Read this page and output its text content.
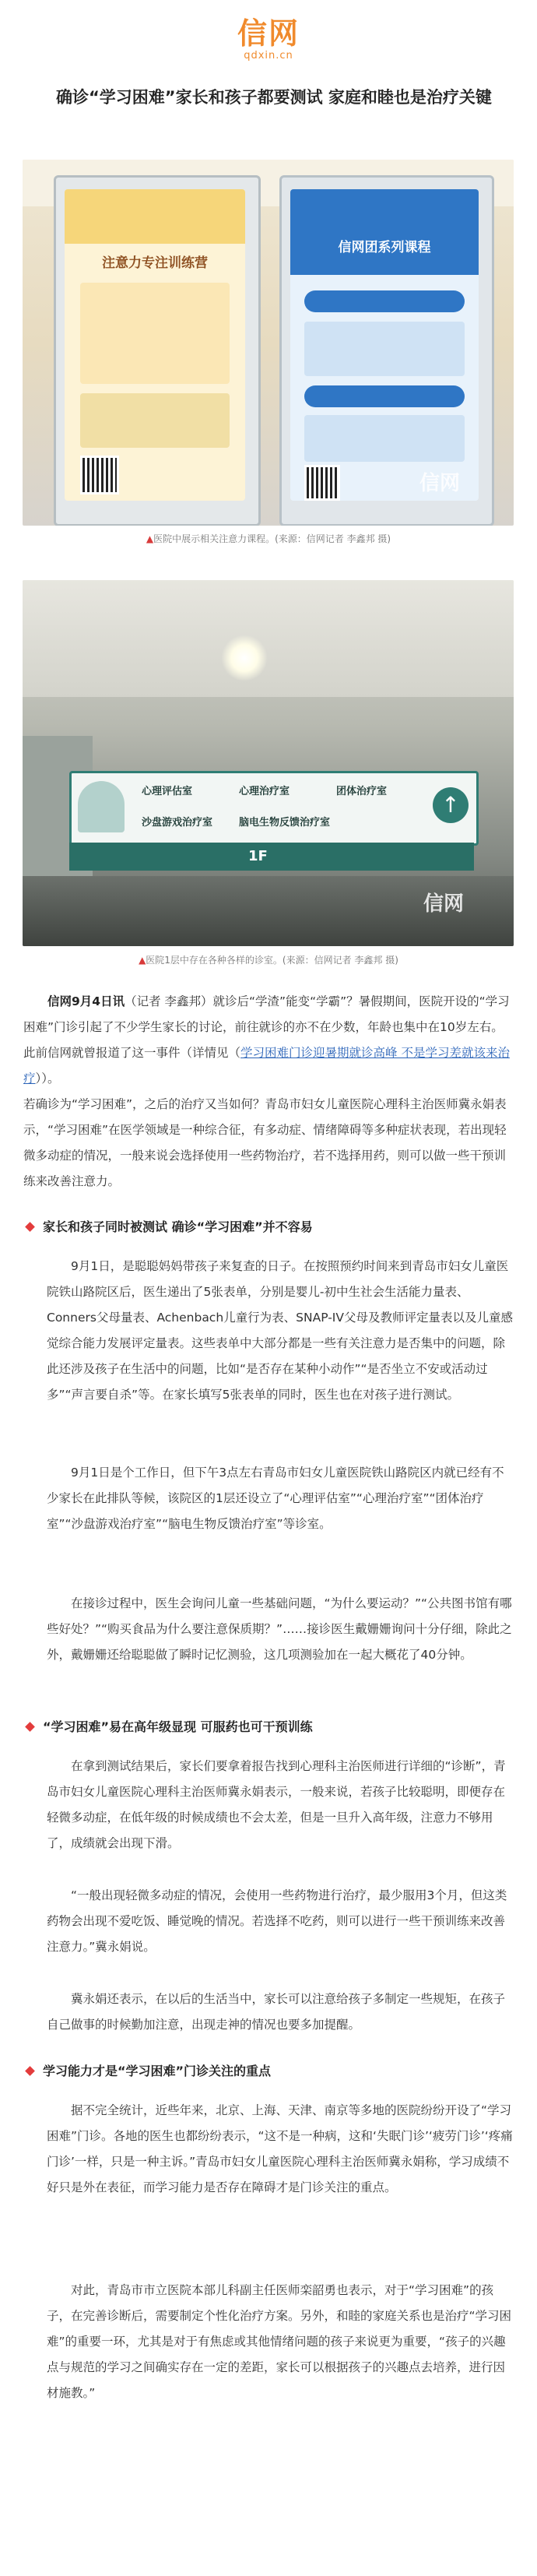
信网
qdxin.cn
确诊“学习困难”家长和孩子都要测试 家庭和睦也是治疗关键
注意力专注训练营
信网团系列课程
信网
▲医院中展示相关注意力课程。(来源：信网记者 李鑫邦 摄)
心理评估室	心理治疗室	团体治疗室
沙盘游戏治疗室	脑电生物反馈治疗室
↑
1F
信网
▲医院1层中存在各种各样的诊室。(来源：信网记者 李鑫邦 摄)

信网9月4日讯（记者 李鑫邦）就诊后“学渣”能变“学霸”？暑假期间，医院开设的“学习困难”门诊引起了不少学生家长的讨论，前往就诊的亦不在少数，年龄也集中在10岁左右。此前信网就曾报道了这一事件（详情见（学习困难门诊迎暑期就诊高峰 不是学习差就该来治疗））。

若确诊为“学习困难”，之后的治疗又当如何？青岛市妇女儿童医院心理科主治医师冀永娟表示，“学习困难”在医学领域是一种综合征，有多动症、情绪障碍等多种症状表现，若出现轻微多动症的情况，一般来说会选择使用一些药物治疗，若不选择用药，则可以做一些干预训练来改善注意力。

家长和孩子同时被测试 确诊“学习困难”并不容易

9月1日，是聪聪妈妈带孩子来复查的日子。在按照预约时间来到青岛市妇女儿童医院铁山路院区后，医生递出了5张表单，分别是婴儿-初中生社会生活能力量表、Conners父母量表、Achenbach儿童行为表、SNAP-IV父母及教师评定量表以及儿童感觉综合能力发展评定量表。这些表单中大部分都是一些有关注意力是否集中的问题，除此还涉及孩子在生活中的问题，比如“是否存在某种小动作”“是否坐立不安或活动过多”“声言要自杀”等。在家长填写5张表单的同时，医生也在对孩子进行测试。

9月1日是个工作日，但下午3点左右青岛市妇女儿童医院铁山路院区内就已经有不少家长在此排队等候，该院区的1层还设立了“心理评估室”“心理治疗室”“团体治疗室”“沙盘游戏治疗室”“脑电生物反馈治疗室”等诊室。

在接诊过程中，医生会询问儿童一些基础问题，“为什么要运动？”“公共图书馆有哪些好处？”“购买食品为什么要注意保质期？”……接诊医生戴姗姗询问十分仔细，除此之外，戴姗姗还给聪聪做了瞬时记忆测验，这几项测验加在一起大概花了40分钟。

“学习困难”易在高年级显现 可服药也可干预训练

在拿到测试结果后，家长们要拿着报告找到心理科主治医师进行详细的“诊断”，青岛市妇女儿童医院心理科主治医师冀永娟表示，一般来说，若孩子比较聪明，即便存在轻微多动症，在低年级的时候成绩也不会太差，但是一旦升入高年级，注意力不够用了，成绩就会出现下滑。

“一般出现轻微多动症的情况，会使用一些药物进行治疗，最少服用3个月，但这类药物会出现不爱吃饭、睡觉晚的情况。若选择不吃药，则可以进行一些干预训练来改善注意力。”冀永娟说。

冀永娟还表示，在以后的生活当中，家长可以注意给孩子多制定一些规矩，在孩子自己做事的时候勤加注意，出现走神的情况也要多加提醒。

学习能力才是“学习困难”门诊关注的重点

据不完全统计，近些年来，北京、上海、天津、南京等多地的医院纷纷开设了“学习困难”门诊。各地的医生也都纷纷表示，“这不是一种病，这和‘失眠门诊’‘疲劳门诊’‘疼痛门诊’一样，只是一种主诉。”青岛市妇女儿童医院心理科主治医师冀永娟称，学习成绩不好只是外在表征，而学习能力是否存在障碍才是门诊关注的重点。

对此，青岛市市立医院本部儿科副主任医师栾韶勇也表示，对于“学习困难”的孩子，在完善诊断后，需要制定个性化治疗方案。另外，和睦的家庭关系也是治疗“学习困难”的重要一环，尤其是对于有焦虑或其他情绪问题的孩子来说更为重要，“孩子的兴趣点与规范的学习之间确实存在一定的差距，家长可以根据孩子的兴趣点去培养，进行因材施教。”
